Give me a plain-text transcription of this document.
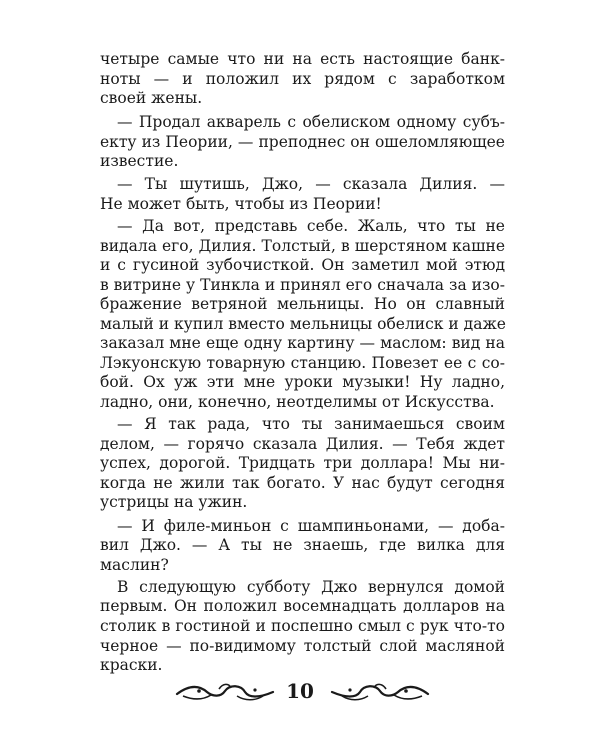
четыре самые что ни на есть настоящие банк-
ноты — и положил их рядом с заработком
своей жены.
— Продал акварель с обелиском одному субъ-
екту из Пеории, — преподнес он ошеломляющее
известие.
— Ты шутишь, Джо, — сказала Дилия. —
Не может быть, чтобы из Пеории!
— Да вот, представь себе. Жаль, что ты не
видала его, Дилия. Толстый, в шерстяном кашне
и с гусиной зубочисткой. Он заметил мой этюд
в витрине у Тинкла и принял его сначала за изо-
бражение ветряной мельницы. Но он славный
малый и купил вместо мельницы обелиск и даже
заказал мне еще одну картину — маслом: вид на
Лэкуонскую товарную станцию. Повезет ее с со-
бой. Ох уж эти мне уроки музыки! Ну ладно,
ладно, они, конечно, неотделимы от Искусства.
— Я так рада, что ты занимаешься своим
делом, — горячо сказала Дилия. — Тебя ждет
успех, дорогой. Тридцать три доллара! Мы ни-
когда не жили так богато. У нас будут сегодня
устрицы на ужин.
— И филе-миньон с шампиньонами, — доба-
вил Джо. — А ты не знаешь, где вилка для
маслин?
В следующую субботу Джо вернулся домой
первым. Он положил восемнадцать долларов на
столик в гостиной и поспешно смыл с рук что-то
черное — по-видимому толстый слой масляной
краски.
10
